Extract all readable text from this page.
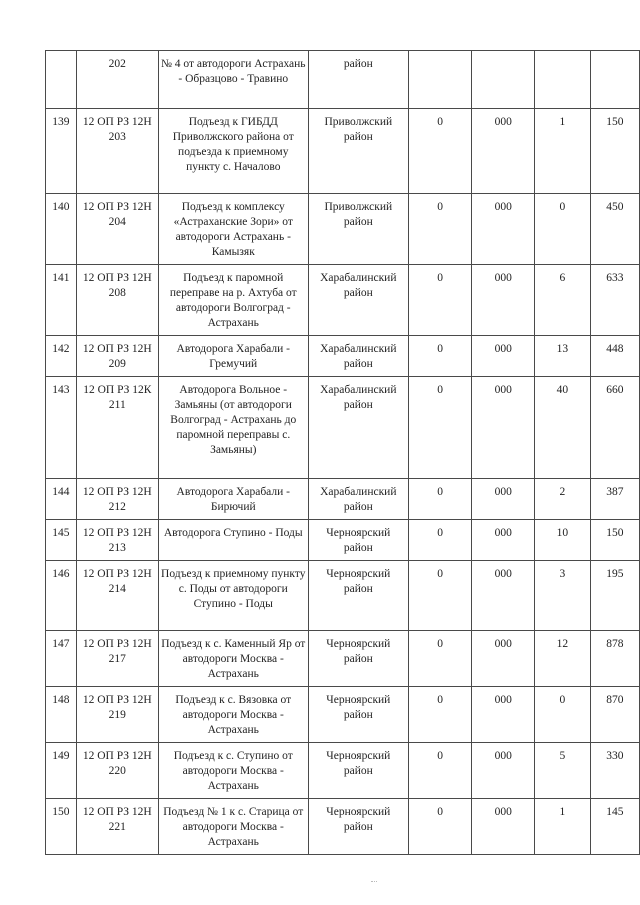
	202	№ 4 от автодороги Астрахань - Образцово - Травино	район				
139	12 ОП РЗ 12Н 203	Подъезд к ГИБДД Приволжского района от подъезда к приемному пункту с. Началово	Приволжский район	0	000	1	150
140	12 ОП РЗ 12Н 204	Подъезд к комплексу «Астраханские Зори» от автодороги Астрахань - Камызяк	Приволжский район	0	000	0	450
141	12 ОП РЗ 12Н 208	Подъезд к паромной переправе на р. Ахтуба от автодороги Волгоград - Астрахань	Харабалинский район	0	000	6	633
142	12 ОП РЗ 12Н 209	Автодорога Харабали - Гремучий	Харабалинский район	0	000	13	448
143	12 ОП РЗ 12К 211	Автодорога Вольное - Замьяны (от автодороги Волгоград - Астрахань до паромной переправы с. Замьяны)	Харабалинский район	0	000	40	660
144	12 ОП РЗ 12Н 212	Автодорога Харабали - Бирючий	Харабалинский район	0	000	2	387
145	12 ОП РЗ 12Н 213	Автодорога Ступино - Поды	Черноярский район	0	000	10	150
146	12 ОП РЗ 12Н 214	Подъезд к приемному пункту с. Поды от автодороги Ступино - Поды	Черноярский район	0	000	3	195
147	12 ОП РЗ 12Н 217	Подъезд к с. Каменный Яр от автодороги Москва - Астрахань	Черноярский район	0	000	12	878
148	12 ОП РЗ 12Н 219	Подъезд к с. Вязовка от автодороги Москва - Астрахань	Черноярский район	0	000	0	870
149	12 ОП РЗ 12Н 220	Подъезд к с. Ступино от автодороги Москва - Астрахань	Черноярский район	0	000	5	330
150	12 ОП РЗ 12Н 221	Подъезд № 1 к с. Старица от автодороги Москва - Астрахань	Черноярский район	0	000	1	145
